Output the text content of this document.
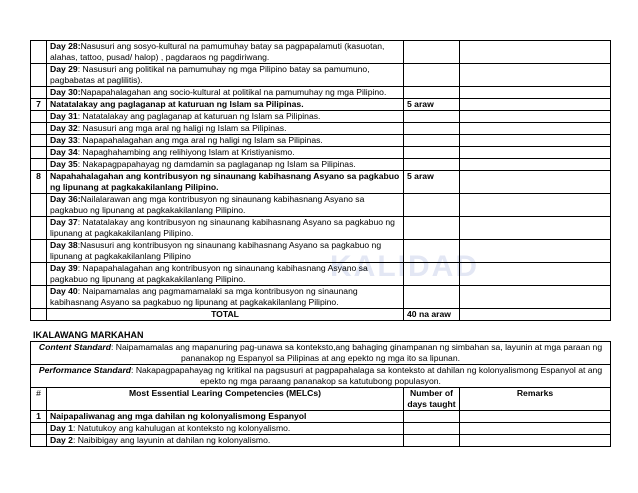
KALIDAD
	Day 28:Nasusuri ang sosyo-kultural na pamumuhay batay sa pagpapalamuti (kasuotan, alahas, tattoo, pusad/ halop) , pagdaraos ng pagdiriwang.		
	Day 29: Nasusuri ang politikal na pamumuhay ng mga Pilipino batay sa pamumuno, pagbabatas at paglilitis).		
	Day 30:Napapahalagahan ang socio-kultural at politikal na pamumuhay ng mga Pilipino.		
7	Natatalakay ang paglaganap at katuruan ng Islam sa Pilipinas.	5 araw	
	Day 31: Natatalakay ang paglaganap at katuruan ng Islam sa Pilipinas.		
	Day 32: Nasusuri ang mga aral ng haligi ng Islam sa Pilipinas.		
	Day 33: Napapahalagahan ang mga aral ng haligi ng Islam sa Pilipinas.		
	Day 34: Napaghahambing ang relihiyong Islam at Kristiyanismo.		
	Day 35: Nakapagpapahayag ng damdamin sa paglaganap ng Islam sa Pilipinas.		
8	Napahahalagahan ang kontribusyon ng sinaunang kabihasnang Asyano sa pagkabuo ng lipunang at pagkakakilanlang Pilipino.	5 araw	
	Day 36:Nailalarawan ang mga kontribusyon ng sinaunang kabihasnang Asyano sa pagkabuo ng lipunang at pagkakakilanlang Pilipino.		
	Day 37: Natatalakay ang kontribusyon ng sinaunang kabihasnang Asyano sa pagkabuo ng lipunang at pagkakakilanlang Pilipino.		
	Day 38:Nasusuri ang kontribusyon ng sinaunang kabihasnang Asyano sa pagkabuo ng lipunang at pagkakakilanlang Pilipino		
	Day 39: Napapahalagahan ang kontribusyon ng sinaunang kabihasnang Asyano sa pagkabuo ng lipunang at pagkakakilanlang Pilipino.		
	Day 40: Naipamamalas ang pagmamamalaki sa mga kontribusyon ng sinaunang kabihasnang Asyano sa pagkabuo ng lipunang at pagkakakilanlang Pilipino.		
	TOTAL	40 na araw	
IKALAWANG MARKAHAN
Content Standard: Naipamamalas ang mapanuring pag-unawa sa konteksto,ang bahaging ginampanan ng simbahan sa, layunin at mga paraan ng pananakop ng Espanyol sa Pilipinas at ang epekto ng mga ito sa lipunan.			
Performance Standard: Nakapagpapahayag ng kritikal na pagsusuri at pagpapahalaga sa konteksto at dahilan ng kolonyalismong Espanyol at ang epekto ng mga paraang pananakop sa katutubong populasyon.			
#	Most Essential Learing Competencies (MELCs)	Number of days taught	Remarks
1	Naipapaliwanag ang mga dahilan ng kolonyalismong Espanyol		
	Day 1: Natutukoy ang kahulugan at konteksto ng kolonyalismo.		
	Day 2: Naibibigay ang layunin at dahilan ng kolonyalismo.		
